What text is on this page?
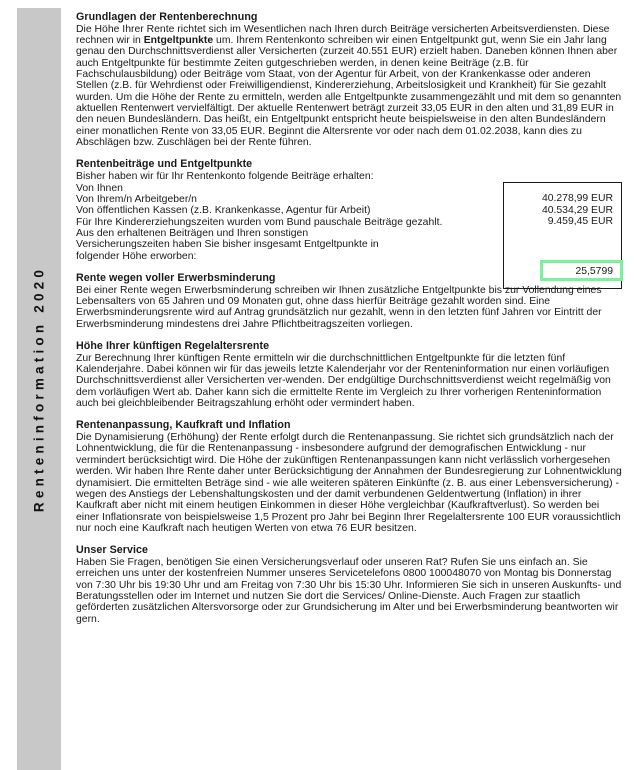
Renteninformation 2020
Grundlagen der Rentenberechnung

Die Höhe Ihrer Rente richtet sich im Wesentlichen nach Ihren durch Beiträge versicherten Arbeitsverdiensten. Diese rechnen wir in Entgeltpunkte um. Ihrem Rentenkonto schreiben wir einen Entgeltpunkt gut, wenn Sie ein Jahr lang genau den Durchschnittsverdienst aller Versicherten (zurzeit 40.551 EUR) erzielt haben. Daneben können Ihnen aber auch Entgeltpunkte für bestimmte Zeiten gutgeschrieben werden, in denen keine Beiträge (z.B. für Fachschulausbildung) oder Beiträge vom Staat, von der Agentur für Arbeit, von der Krankenkasse oder anderen Stellen (z.B. für Wehrdienst oder Freiwilligendienst, Kindererziehung, Arbeitslosigkeit und Krankheit) für Sie gezahlt wurden. Um die Höhe der Rente zu ermitteln, werden alle Entgeltpunkte zusammengezählt und mit dem so genannten aktuellen Rentenwert vervielfältigt. Der aktuelle Rentenwert beträgt zurzeit 33,05 EUR in den alten und 31,89 EUR in den neuen Bundesländern. Das heißt, ein Entgeltpunkt entspricht heute beispielsweise in den alten Bundesländern einer monatlichen Rente von 33,05 EUR. Beginnt die Altersrente vor oder nach dem 01.02.2038, kann dies zu Abschlägen bzw. Zuschlägen bei der Rente führen.

Rentenbeiträge und Entgeltpunkte

Bisher haben wir für Ihr Rentenkonto folgende Beiträge erhalten:

Von Ihnen

Von Ihrem/n Arbeitgeber/n

Von öffentlichen Kassen (z.B. Krankenkasse, Agentur für Arbeit)

Für Ihre Kindererziehungszeiten wurden vom Bund pauschale Beiträge gezahlt.

Aus den erhaltenen Beiträgen und Ihren sonstigen

Versicherungszeiten haben Sie bisher insgesamt Entgeltpunkte in

folgender Höhe erworben:

40.278,99 EUR
40.534,29 EUR
9.459,45 EUR
25,5799
Rente wegen voller Erwerbsminderung

Bei einer Rente wegen Erwerbsminderung schreiben wir Ihnen zusätzliche Entgeltpunkte bis zur Vollendung eines Lebensalters von 65 Jahren und 09 Monaten gut, ohne dass hierfür Beiträge gezahlt worden sind. Eine Erwerbsminderungsrente wird auf Antrag grundsätzlich nur gezahlt, wenn in den letzten fünf Jahren vor Eintritt der Erwerbsminderung mindestens drei Jahre Pflichtbeitragszeiten vorliegen.

Höhe Ihrer künftigen Regelaltersrente

Zur Berechnung Ihrer künftigen Rente ermitteln wir die durchschnittlichen Entgeltpunkte für die letzten fünf Kalenderjahre. Dabei können wir für das jeweils letzte Kalenderjahr vor der Renteninformation nur einen vorläufigen Durchschnittsverdienst aller Versicherten ver-wenden. Der endgültige Durchschnittsverdienst weicht regelmäßig von dem vorläufigen Wert ab. Daher kann sich die ermittelte Rente im Vergleich zu Ihrer vorherigen Renteninformation auch bei gleichbleibender Beitragszahlung erhöht oder vermindert haben.

Rentenanpassung, Kaufkraft und Inflation

Die Dynamisierung (Erhöhung) der Rente erfolgt durch die Rentenanpassung. Sie richtet sich grundsätzlich nach der Lohnentwicklung, die für die Rentenanpassung - insbesondere aufgrund der demografischen Entwicklung - nur vermindert berücksichtigt wird. Die Höhe der zukünftigen Rentenanpassungen kann nicht verlässlich vorhergesehen werden. Wir haben Ihre Rente daher unter Berücksichtigung der Annahmen der Bundesregierung zur Lohnentwicklung dynamisiert. Die ermittelten Beträge sind - wie alle weiteren späteren Einkünfte (z. B. aus einer Lebensversicherung) - wegen des Anstiegs der Lebenshaltungskosten und der damit verbundenen Geldentwertung (Inflation) in ihrer Kaufkraft aber nicht mit einem heutigen Einkommen in dieser Höhe vergleichbar (Kaufkraftverlust). So werden bei einer Inflationsrate von beispielsweise 1,5 Prozent pro Jahr bei Beginn Ihrer Regelaltersrente 100 EUR voraussichtlich nur noch eine Kaufkraft nach heutigen Werten von etwa 76 EUR besitzen.

Unser Service

Haben Sie Fragen, benötigen Sie einen Versicherungsverlauf oder unseren Rat? Rufen Sie uns einfach an. Sie erreichen uns unter der kostenfreien Nummer unseres Servicetelefons 0800 100048070 von Montag bis Donnerstag von 7:30 Uhr bis 19:30 Uhr und am Freitag von 7:30 Uhr bis 15:30 Uhr. Informieren Sie sich in unseren Auskunfts- und Beratungsstellen oder im Internet und nutzen Sie dort die Services/ Online-Dienste. Auch Fragen zur staatlich geförderten zusätzlichen Altersvorsorge oder zur Grundsicherung im Alter und bei Erwerbsminderung beantworten wir gern.
